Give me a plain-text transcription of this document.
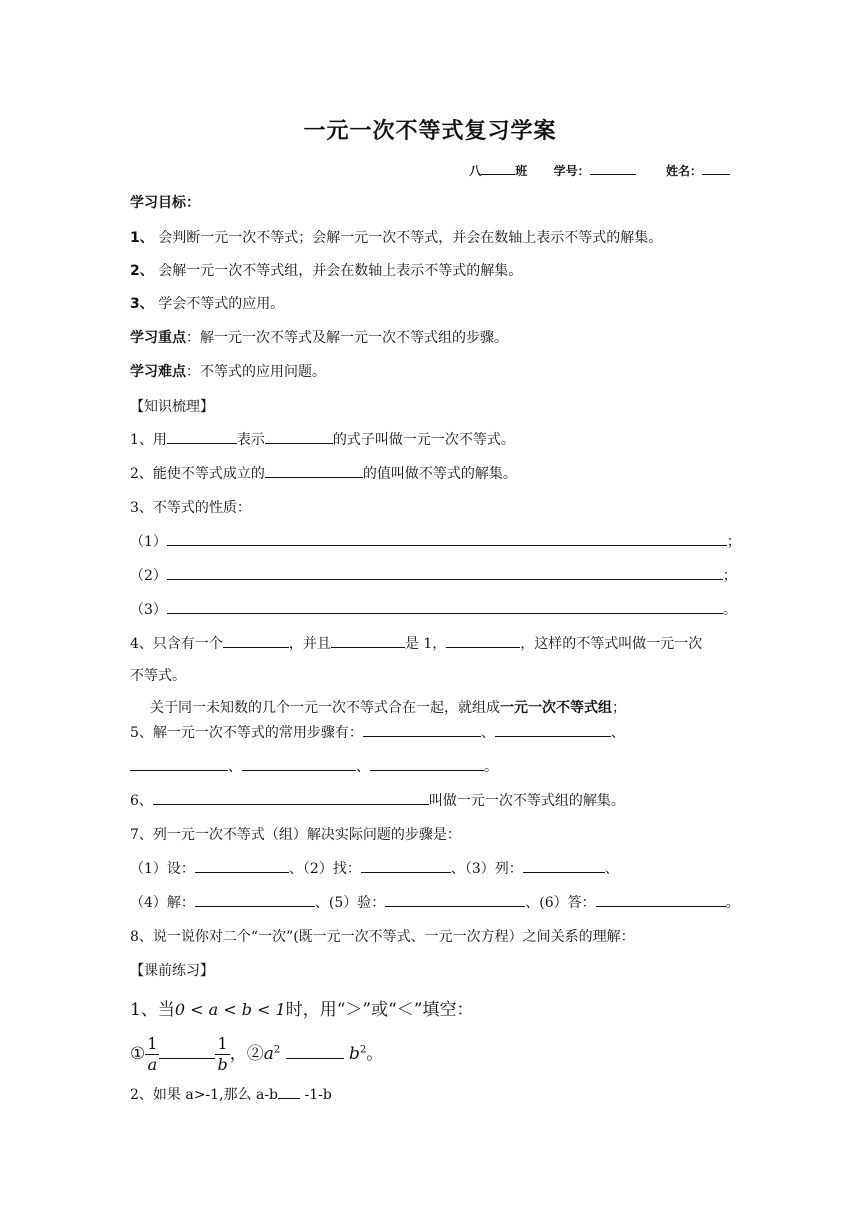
一元一次不等式复习学案
八	班 学号：	姓名：
学习目标：
1、 会判断一元一次不等式；会解一元一次不等式，并会在数轴上表示不等式的解集。
2、 会解一元一次不等式组，并会在数轴上表示不等式的解集。
3、 学会不等式的应用。
学习重点：解一元一次不等式及解一元一次不等式组的步骤。
学习难点：不等式的应用问题。
【知识梳理】
1、用	表示	的式子叫做一元一次不等式。
2、能使不等式成立的	的值叫做不等式的解集。
3、不等式的性质：
（1）	；
（2）	；
（3）	。
4、只含有一个	，并且	是 1，	，这样的不等式叫做一元一次
不等式。
关于同一未知数的几个一元一次不等式合在一起，就组成一元一次不等式组；
5、解一元一次不等式的常用步骤有：	、	、
、	、	。
6、	叫做一元一次不等式组的解集。
7、列一元一次不等式（组）解决实际问题的步骤是：
（1）设：	、（2）找：	、（3）列：	、
（4）解：	、(5）验：	、(6）答：	。
8、说一说你对二个“一次”(既一元一次不等式、一元一次方程）之间关系的理解：
【课前练习】
1、当0 < a < b < 1时，用“＞”或“＜”填空：
① $\frac{1}{a}$	$\frac{1}{b}$ ，$②a^2$	$b^2$。
2、如果 a>-1,那么 a-b -1-b
